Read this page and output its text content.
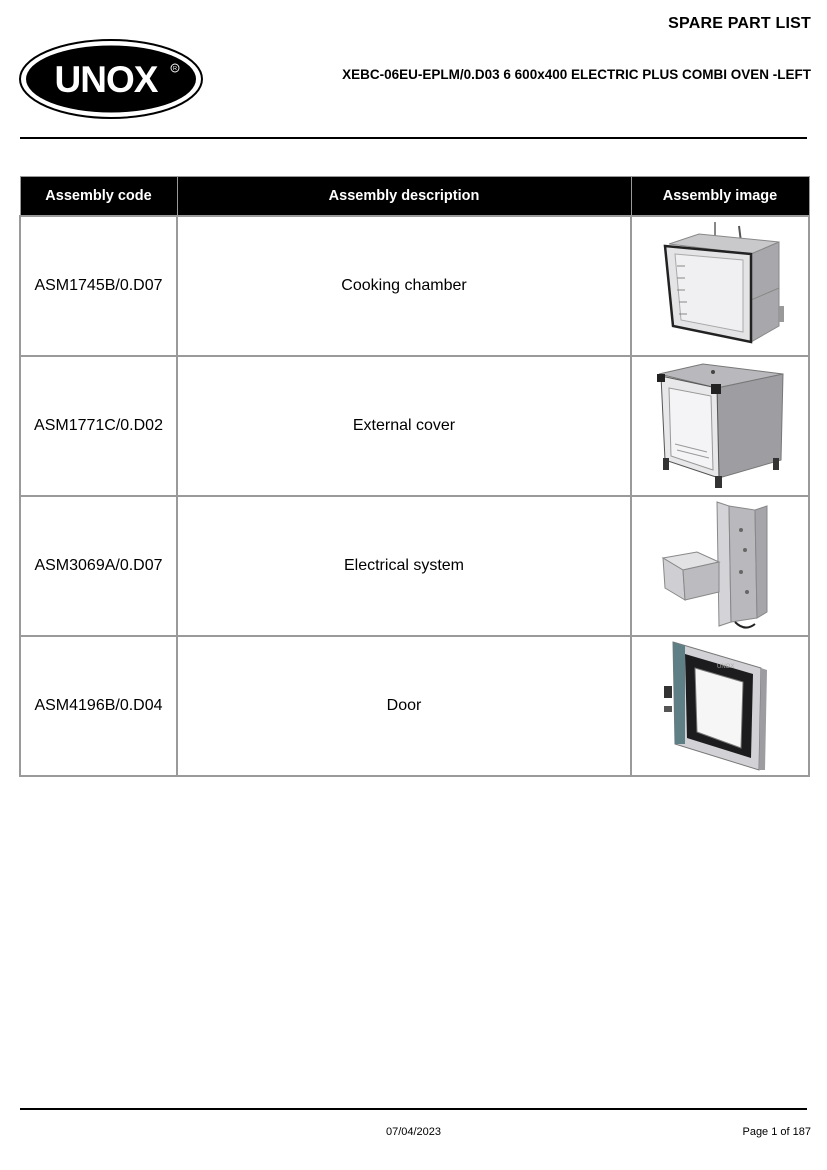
SPARE PART LIST
UNOX	R	XEBC-06EU-EPLM/0.D03 6 600x400 ELECTRIC PLUS COMBI OVEN -LEFT
Assembly code	Assembly description	Assembly image
ASM1745B/0.D07	Cooking chamber	

ASM1771C/0.D02	External cover	

ASM3069A/0.D07	Electrical system	

ASM4196B/0.D04	Door	UNOX
07/04/2023	Page 1 of 187
